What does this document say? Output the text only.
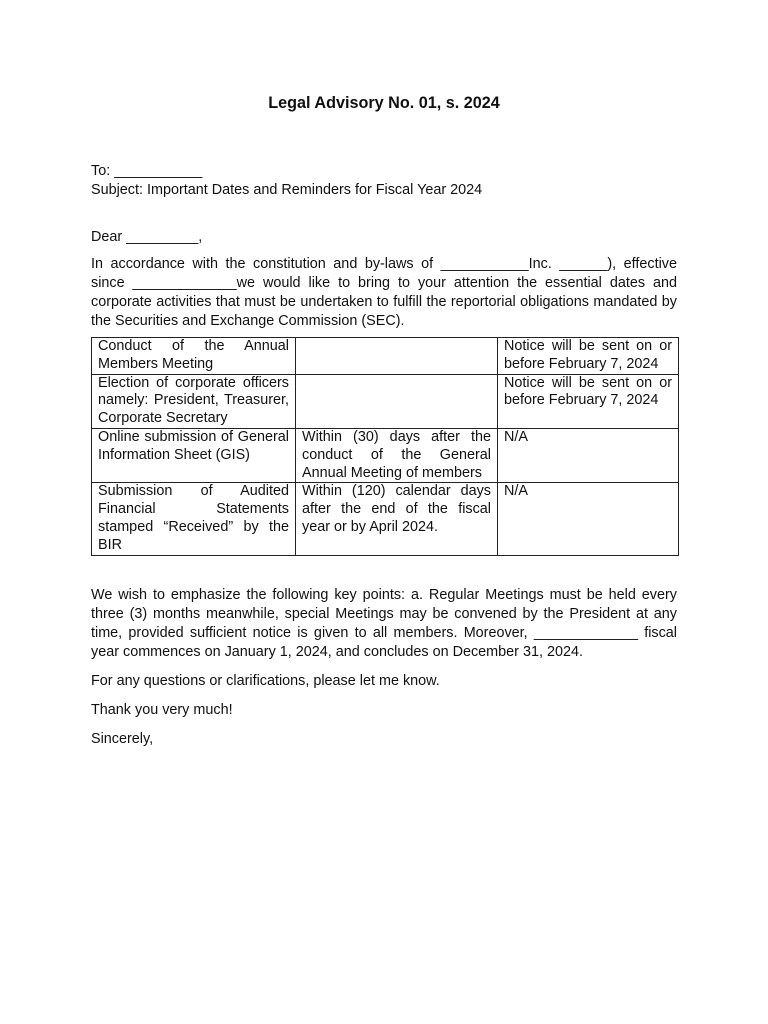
Legal Advisory No. 01, s. 2024

To: ___________

Subject: Important Dates and Reminders for Fiscal Year 2024

Dear _________,

In accordance with the constitution and by-laws of ___________Inc. ______), effective since _____________we would like to bring to your attention the essential dates and corporate activities that must be undertaken to fulfill the reportorial obligations mandated by the Securities and Exchange Commission (SEC).

Conduct of the Annual Members Meeting		Notice will be sent on or before February 7, 2024
Election of corporate officers namely: President, Treasurer, Corporate Secretary		Notice will be sent on or before February 7, 2024
Online submission of General Information Sheet (GIS)	Within (30) days after the conduct of the General Annual Meeting of members	N/A
Submission of Audited Financial Statements stamped “Received” by the BIR	Within (120) calendar days after the end of the fiscal year or by April 2024.	N/A

We wish to emphasize the following key points: a. Regular Meetings must be held every three (3) months meanwhile, special Meetings may be convened by the President at any time, provided sufficient notice is given to all members. Moreover, _____________ fiscal year commences on January 1, 2024, and concludes on December 31, 2024.

For any questions or clarifications, please let me know.

Thank you very much!

Sincerely,
